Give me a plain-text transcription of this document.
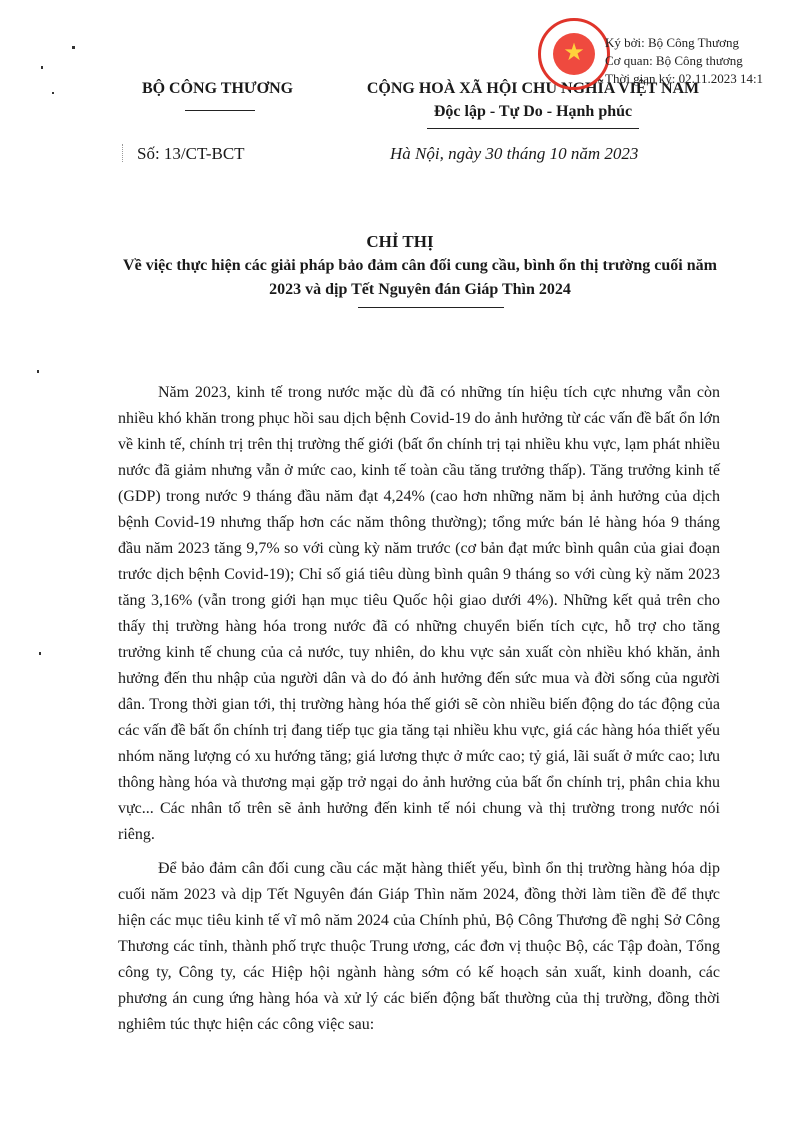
BỘ CÔNG THƯƠNG	CỘNG HOÀ XÃ HỘI CHỦ NGHĨA VIỆT NAM
Độc lập - Tự Do - Hạnh phúc
★	Ký bởi: Bộ Công Thương
Cơ quan: Bộ Công thương
Thời gian ký: 02.11.2023 14:1
Số: 13/CT-BCT	Hà Nội, ngày 30 tháng 10 năm 2023
CHỈ THỊ
Về việc thực hiện các giải pháp bảo đảm cân đối cung cầu, bình ổn thị trường cuối năm 2023 và dịp Tết Nguyên đán Giáp Thìn 2024

Năm 2023, kinh tế trong nước mặc dù đã có những tín hiệu tích cực nhưng vẫn còn nhiều khó khăn trong phục hồi sau dịch bệnh Covid-19 do ảnh hưởng từ các vấn đề bất ổn lớn về kinh tế, chính trị trên thị trường thế giới (bất ổn chính trị tại nhiều khu vực, lạm phát nhiều nước đã giảm nhưng vẫn ở mức cao, kinh tế toàn cầu tăng trưởng thấp). Tăng trưởng kinh tế (GDP) trong nước 9 tháng đầu năm đạt 4,24% (cao hơn những năm bị ảnh hưởng của dịch bệnh Covid-19 nhưng thấp hơn các năm thông thường); tổng mức bán lẻ hàng hóa 9 tháng đầu năm 2023 tăng 9,7% so với cùng kỳ năm trước (cơ bản đạt mức bình quân của giai đoạn trước dịch bệnh Covid-19); Chỉ số giá tiêu dùng bình quân 9 tháng so với cùng kỳ năm 2023 tăng 3,16% (vẫn trong giới hạn mục tiêu Quốc hội giao dưới 4%). Những kết quả trên cho thấy thị trường hàng hóa trong nước đã có những chuyển biến tích cực, hỗ trợ cho tăng trưởng kinh tế chung của cả nước, tuy nhiên, do khu vực sản xuất còn nhiều khó khăn, ảnh hưởng đến thu nhập của người dân và do đó ảnh hưởng đến sức mua và đời sống của người dân. Trong thời gian tới, thị trường hàng hóa thế giới sẽ còn nhiều biến động do tác động của các vấn đề bất ổn chính trị đang tiếp tục gia tăng tại nhiều khu vực, giá các hàng hóa thiết yếu nhóm năng lượng có xu hướng tăng; giá lương thực ở mức cao; tỷ giá, lãi suất ở mức cao; lưu thông hàng hóa và thương mại gặp trở ngại do ảnh hưởng của bất ổn chính trị, phân chia khu vực... Các nhân tố trên sẽ ảnh hưởng đến kinh tế nói chung và thị trường trong nước nói riêng.

Để bảo đảm cân đối cung cầu các mặt hàng thiết yếu, bình ổn thị trường hàng hóa dịp cuối năm 2023 và dịp Tết Nguyên đán Giáp Thìn năm 2024, đồng thời làm tiền đề để thực hiện các mục tiêu kinh tế vĩ mô năm 2024 của Chính phủ, Bộ Công Thương đề nghị Sở Công Thương các tỉnh, thành phố trực thuộc Trung ương, các đơn vị thuộc Bộ, các Tập đoàn, Tổng công ty, Công ty, các Hiệp hội ngành hàng sớm có kế hoạch sản xuất, kinh doanh, các phương án cung ứng hàng hóa và xử lý các biến động bất thường của thị trường, đồng thời nghiêm túc thực hiện các công việc sau:
